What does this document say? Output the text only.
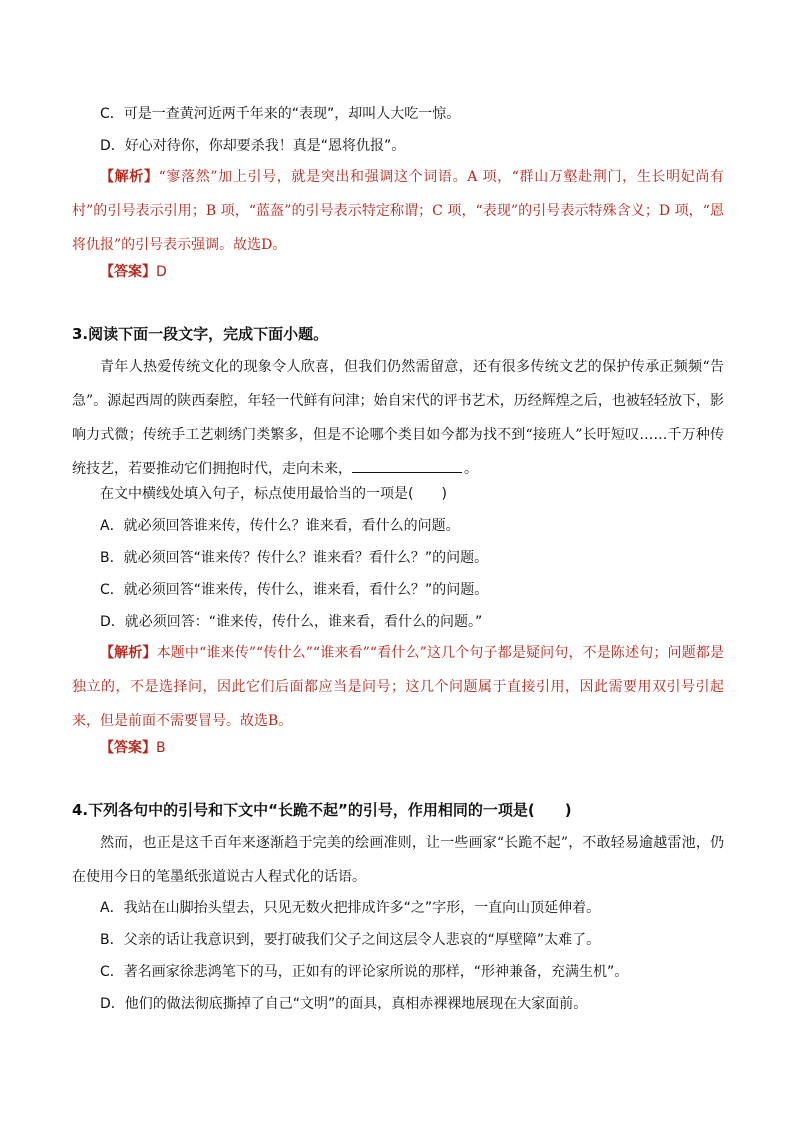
C．可是一查黄河近两千年来的“表现”，却叫人大吃一惊。
D．好心对待你，你却要杀我！真是“恩将仇报”。
【解析】“寥落然”加上引号，就是突出和强调这个词语。A 项，“群山万壑赴荆门，生长明妃尚有村”的引号表示引用；B 项，“蓝盔”的引号表示特定称谓；C 项，“表现”的引号表示特殊含义；D 项，“恩将仇报”的引号表示强调。故选D。
【答案】D
3.阅读下面一段文字，完成下面小题。
青年人热爱传统文化的现象令人欣喜，但我们仍然需留意，还有很多传统文艺的保护传承正频频“告急”。源起西周的陕西秦腔，年轻一代鲜有问津；始自宋代的评书艺术，历经辉煌之后，也被轻轻放下，影响力式微；传统手工艺刺绣门类繁多，但是不论哪个类目如今都为找不到“接班人”长吁短叹……千万种传统技艺，若要推动它们拥抱时代，走向未来，	。
在文中横线处填入句子，标点使用最恰当的一项是(　　)
A．就必须回答谁来传，传什么？谁来看，看什么的问题。
B．就必须回答“谁来传？传什么？谁来看？看什么？”的问题。
C．就必须回答“谁来传，传什么，谁来看，看什么？”的问题。
D．就必须回答：“谁来传，传什么，谁来看，看什么的问题。”
【解析】本题中“谁来传”“传什么”“谁来看”“看什么”这几个句子都是疑问句，不是陈述句；问题都是独立的，不是选择问，因此它们后面都应当是问号；这几个问题属于直接引用，因此需要用双引号引起来，但是前面不需要冒号。故选B。
【答案】B
4.下列各句中的引号和下文中“长跪不起”的引号，作用相同的一项是(　　)
然而，也正是这千百年来逐渐趋于完美的绘画准则，让一些画家“长跪不起”，不敢轻易逾越雷池，仍在使用今日的笔墨纸张道说古人程式化的话语。
A．我站在山脚抬头望去，只见无数火把排成许多“之”字形，一直向山顶延伸着。
B．父亲的话让我意识到，要打破我们父子之间这层令人悲哀的“厚壁障”太难了。
C．著名画家徐悲鸿笔下的马，正如有的评论家所说的那样，“形神兼备，充满生机”。
D．他们的做法彻底撕掉了自己“文明”的面具，真相赤裸裸地展现在大家面前。
